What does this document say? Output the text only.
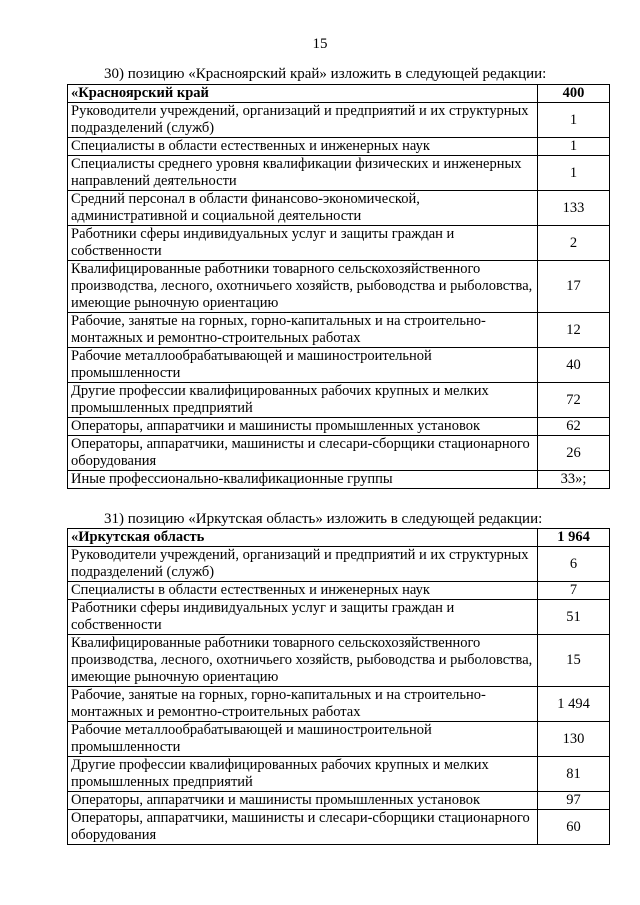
15
30) позицию «Красноярский край» изложить в следующей редакции:
«Красноярский край	400
Руководители учреждений, организаций и предприятий и их структурных подразделений (служб)	1
Специалисты в области естественных и инженерных наук	1
Специалисты среднего уровня квалификации физических и инженерных направлений деятельности	1
Средний персонал в области финансово-экономической, административной и социальной деятельности	133
Работники сферы индивидуальных услуг и защиты граждан и собственности	2
Квалифицированные работники товарного сельскохозяйственного производства, лесного, охотничьего хозяйств, рыбоводства и рыболовства, имеющие рыночную ориентацию	17
Рабочие, занятые на горных, горно-капитальных и на строительно-монтажных и ремонтно-строительных работах	12
Рабочие металлообрабатывающей и машиностроительной промышленности	40
Другие профессии квалифицированных рабочих крупных и мелких промышленных предприятий	72
Операторы, аппаратчики и машинисты промышленных установок	62
Операторы, аппаратчики, машинисты и слесари-сборщики стационарного оборудования	26
Иные профессионально-квалификационные группы	33»;
31) позицию «Иркутская область» изложить в следующей редакции:
«Иркутская область	1 964
Руководители учреждений, организаций и предприятий и их структурных подразделений (служб)	6
Специалисты в области естественных и инженерных наук	7
Работники сферы индивидуальных услуг и защиты граждан и собственности	51
Квалифицированные работники товарного сельскохозяйственного производства, лесного, охотничьего хозяйств, рыбоводства и рыболовства, имеющие рыночную ориентацию	15
Рабочие, занятые на горных, горно-капитальных и на строительно-монтажных и ремонтно-строительных работах	1 494
Рабочие металлообрабатывающей и машиностроительной промышленности	130
Другие профессии квалифицированных рабочих крупных и мелких промышленных предприятий	81
Операторы, аппаратчики и машинисты промышленных установок	97
Операторы, аппаратчики, машинисты и слесари-сборщики стационарного оборудования	60
